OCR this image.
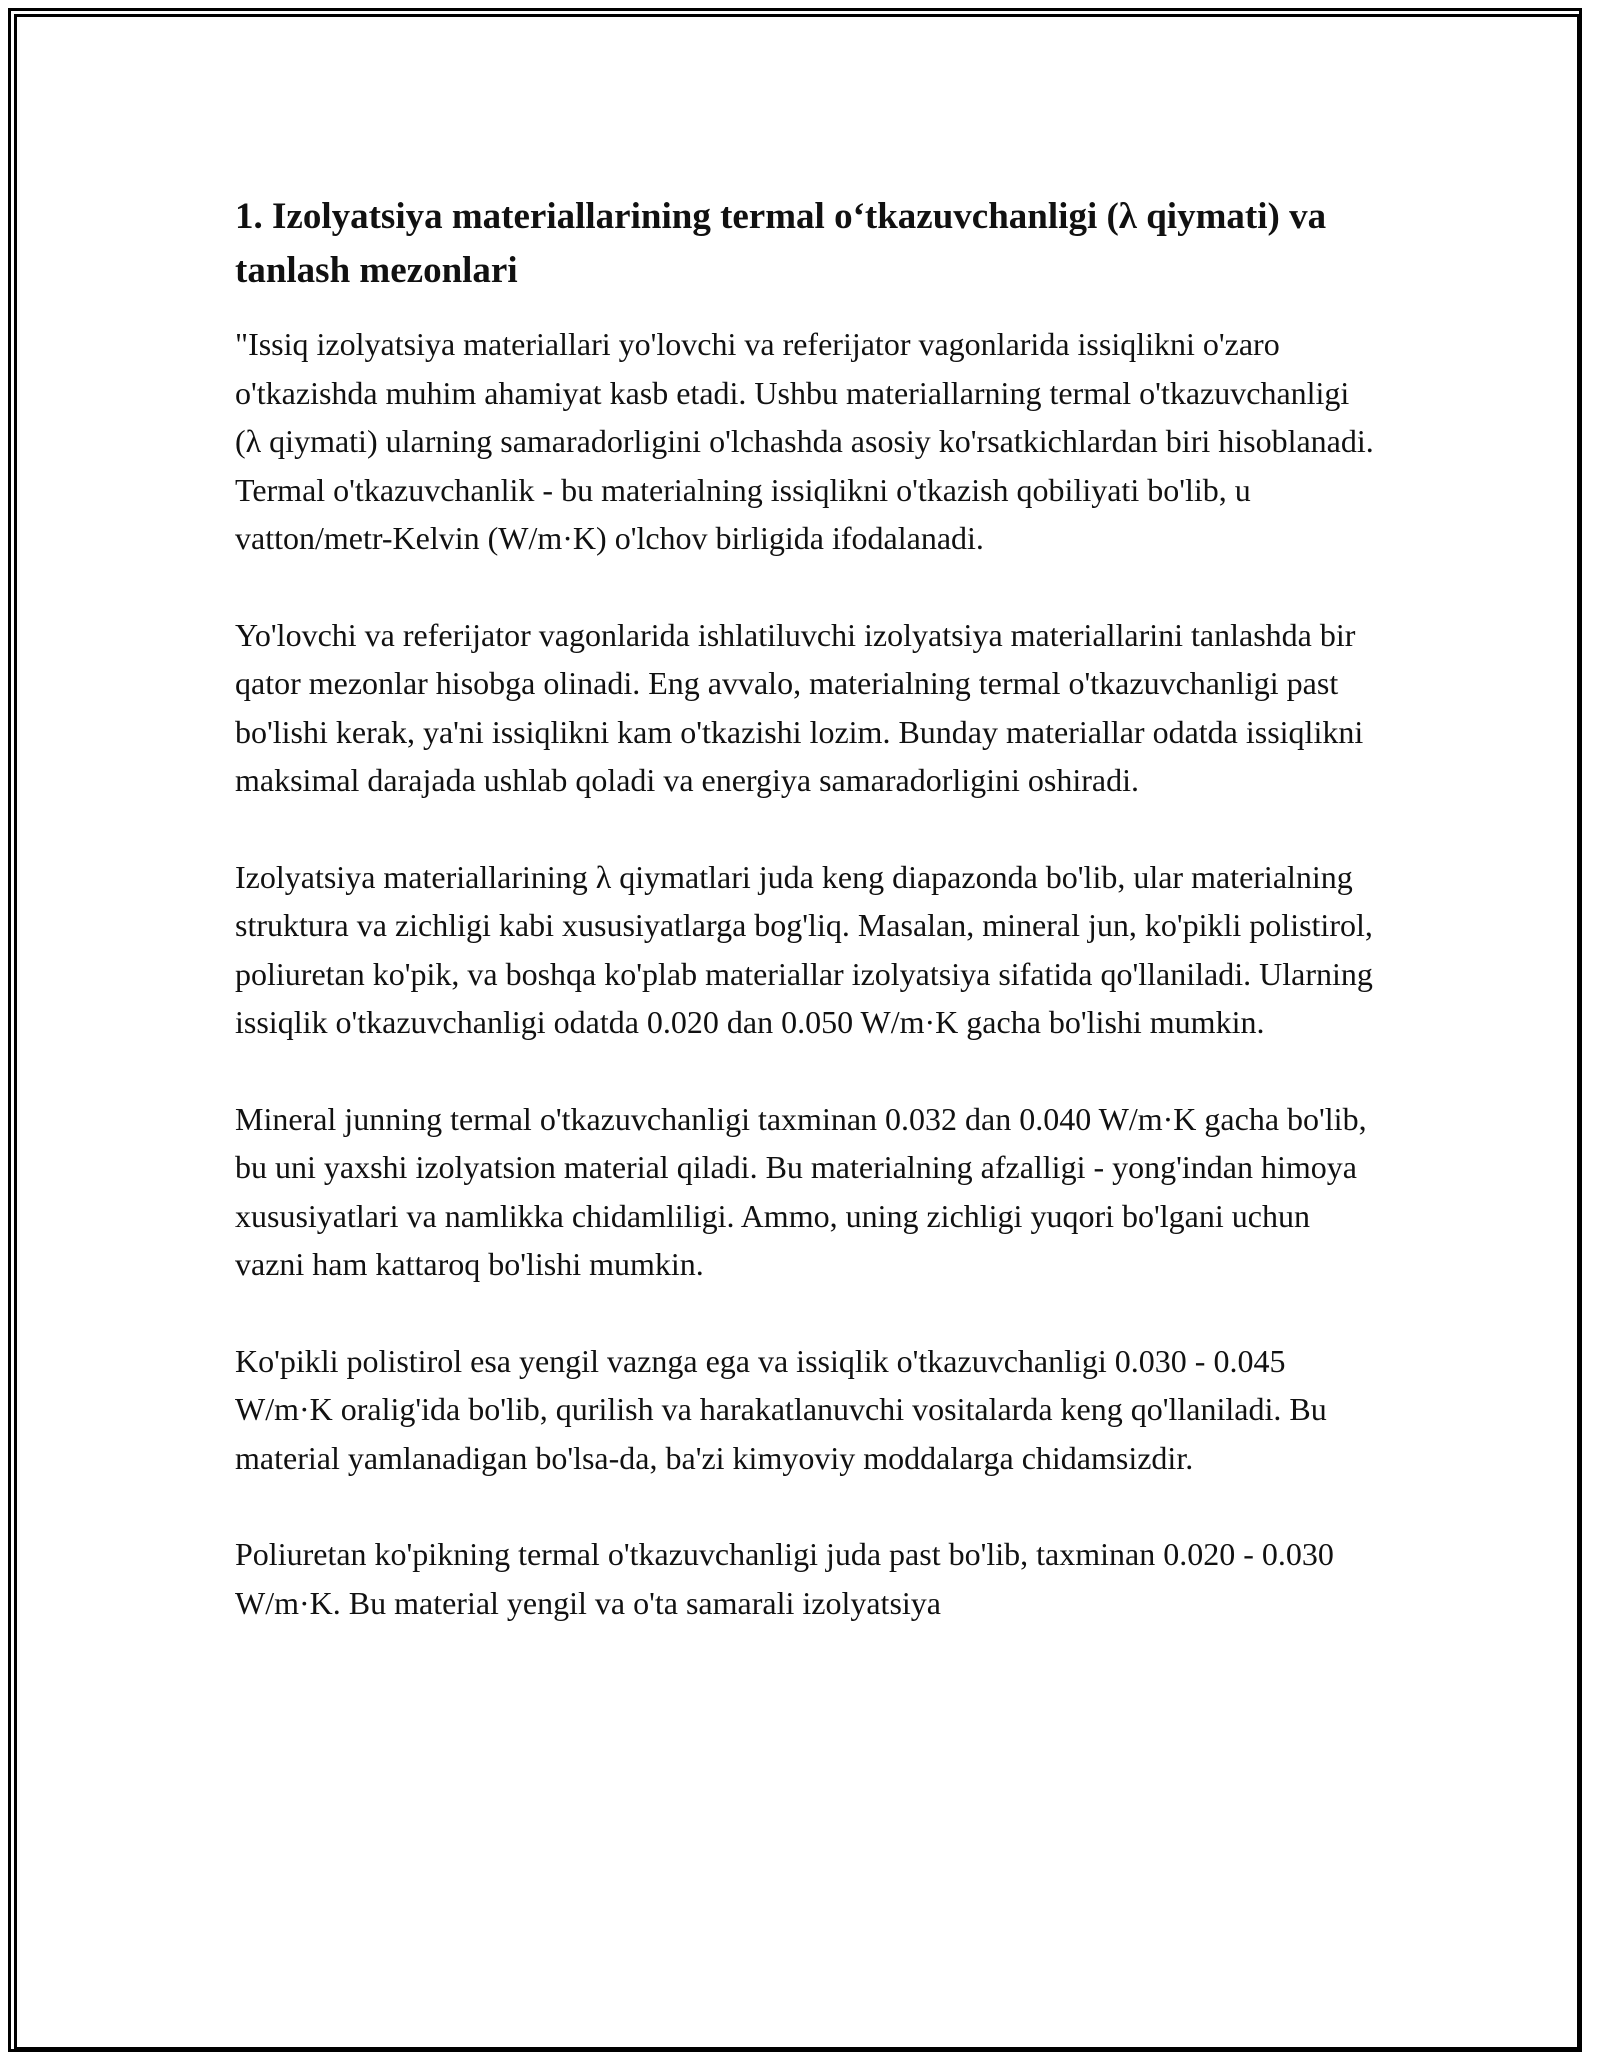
1. Izolyatsiya materiallarining termal o‘tkazuvchanligi (λ qiymati) va tanlash mezonlari

"Issiq izolyatsiya materiallari yo'lovchi va referijator vagonlarida issiqlikni o'zaro o'tkazishda muhim ahamiyat kasb etadi. Ushbu materiallarning termal o'tkazuvchanligi (λ qiymati) ularning samaradorligini o'lchashda asosiy ko'rsatkichlardan biri hisoblanadi. Termal o'tkazuvchanlik - bu materialning issiqlikni o'tkazish qobiliyati bo'lib, u vatton/metr-Kelvin (W/m·K) o'lchov birligida ifodalanadi.

Yo'lovchi va referijator vagonlarida ishlatiluvchi izolyatsiya materiallarini tanlashda bir qator mezonlar hisobga olinadi. Eng avvalo, materialning termal o'tkazuvchanligi past bo'lishi kerak, ya'ni issiqlikni kam o'tkazishi lozim. Bunday materiallar odatda issiqlikni maksimal darajada ushlab qoladi va energiya samaradorligini oshiradi.

Izolyatsiya materiallarining λ qiymatlari juda keng diapazonda bo'lib, ular materialning struktura va zichligi kabi xususiyatlarga bog'liq. Masalan, mineral jun, ko'pikli polistirol, poliuretan ko'pik, va boshqa ko'plab materiallar izolyatsiya sifatida qo'llaniladi. Ularning issiqlik o'tkazuvchanligi odatda 0.020 dan 0.050 W/m·K gacha bo'lishi mumkin.

Mineral junning termal o'tkazuvchanligi taxminan 0.032 dan 0.040 W/m·K gacha bo'lib, bu uni yaxshi izolyatsion material qiladi. Bu materialning afzalligi - yong'indan himoya xususiyatlari va namlikka chidamliligi. Ammo, uning zichligi yuqori bo'lgani uchun vazni ham kattaroq bo'lishi mumkin.

Ko'pikli polistirol esa yengil vaznga ega va issiqlik o'tkazuvchanligi 0.030 - 0.045 W/m·K oralig'ida bo'lib, qurilish va harakatlanuvchi vositalarda keng qo'llaniladi. Bu material yamlanadigan bo'lsa-da, ba'zi kimyoviy moddalarga chidamsizdir.

Poliuretan ko'pikning termal o'tkazuvchanligi juda past bo'lib, taxminan 0.020 - 0.030 W/m·K. Bu material yengil va o'ta samarali izolyatsiya
